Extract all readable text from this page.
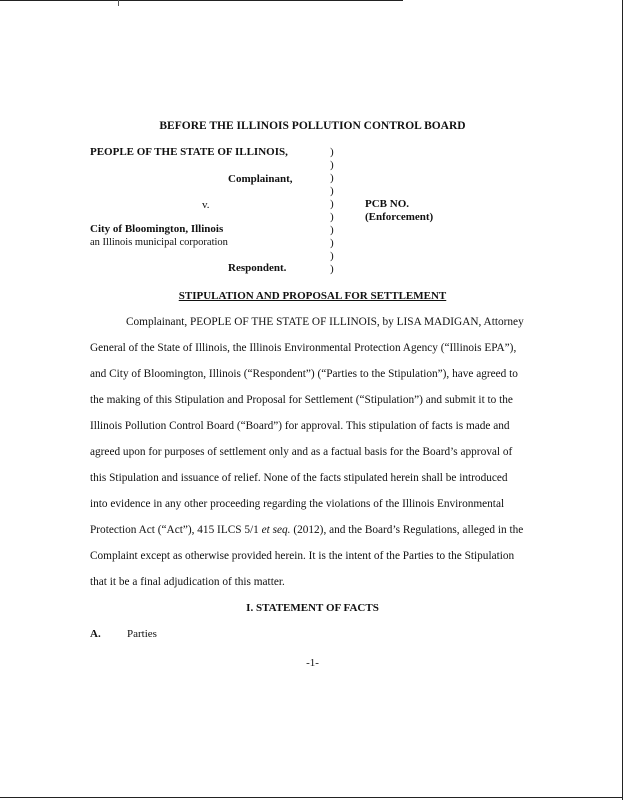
BEFORE THE ILLINOIS POLLUTION CONTROL BOARD
PEOPLE OF THE STATE OF ILLINOIS,
Complainant,
v.
City of Bloomington, Illinois
an Illinois municipal corporation
Respondent.
)
)
)
)
)
)
)
)
)
)
PCB NO.
(Enforcement)
STIPULATION AND PROPOSAL FOR SETTLEMENT
Complainant, PEOPLE OF THE STATE OF ILLINOIS, by LISA MADIGAN, Attorney
General of the State of Illinois, the Illinois Environmental Protection Agency (“Illinois EPA”),
and City of Bloomington, Illinois (“Respondent”) (“Parties to the Stipulation”), have agreed to
the making of this Stipulation and Proposal for Settlement (“Stipulation”) and submit it to the
Illinois Pollution Control Board (“Board”) for approval. This stipulation of facts is made and
agreed upon for purposes of settlement only and as a factual basis for the Board’s approval of
this Stipulation and issuance of relief. None of the facts stipulated herein shall be introduced
into evidence in any other proceeding regarding the violations of the Illinois Environmental
Protection Act (“Act”), 415 ILCS 5/1 et seq. (2012), and the Board’s Regulations, alleged in the
Complaint except as otherwise provided herein. It is the intent of the Parties to the Stipulation
that it be a final adjudication of this matter.
I. STATEMENT OF FACTS
A. Parties
-1-
